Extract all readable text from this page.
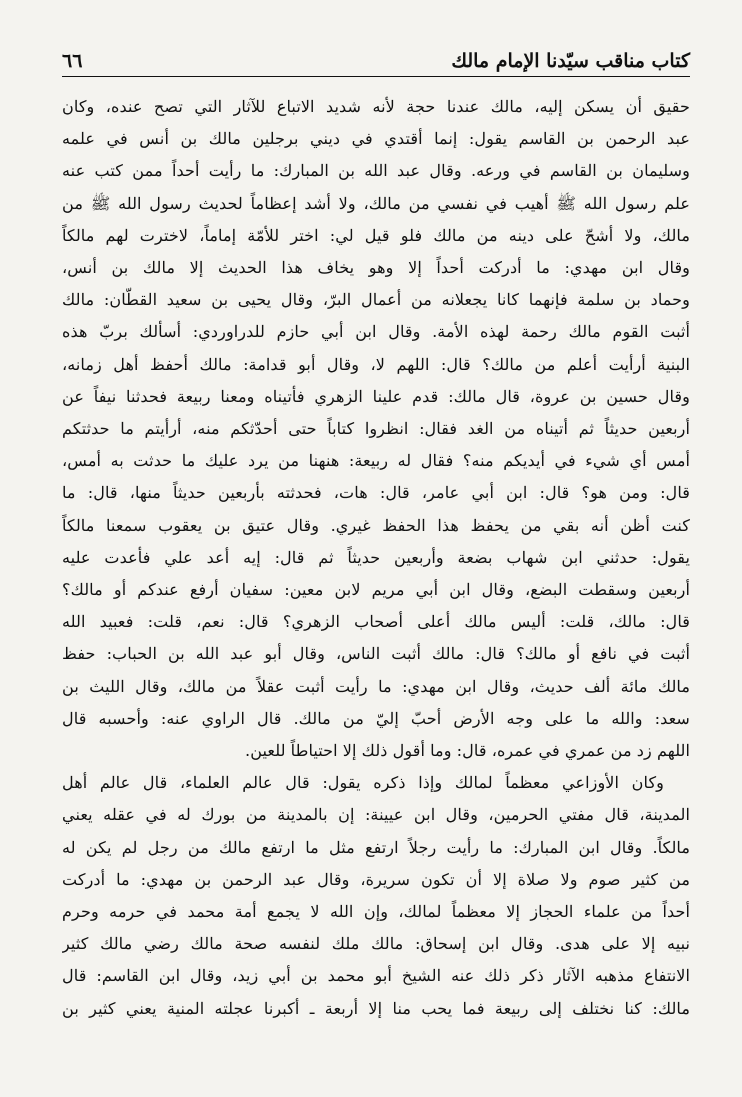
كتاب مناقب سيّدنا الإمام مالك
٦٦

حقيق أن يسكن إليه، مالك عندنا حجة لأنه شديد الاتباع للآثار التي تصح عنده، وكان

عبد الرحمن بن القاسم يقول: إنما أقتدي في ديني برجلين مالك بن أنس في علمه

وسليمان بن القاسم في ورعه. وقال عبد الله بن المبارك: ما رأيت أحداً ممن كتب عنه

علم رسول الله ﷺ أهيب في نفسي من مالك، ولا أشد إعظاماً لحديث رسول الله ﷺ من

مالك، ولا أشحّ على دينه من مالك فلو قيل لي: اختر للأمّة إماماً، لاخترت لهم مالكاً

وقال ابن مهدي: ما أدركت أحداً إلا وهو يخاف هذا الحديث إلا مالك بن أنس،

وحماد بن سلمة فإنهما كانا يجعلانه من أعمال البرّ، وقال يحيى بن سعيد القطّان: مالك

أثبت القوم مالك رحمة لهذه الأمة. وقال ابن أبي حازم للدراوردي: أسألك بربّ هذه

البنية أرأيت أعلم من مالك؟ قال: اللهم لا، وقال أبو قدامة: مالك أحفظ أهل زمانه،

وقال حسين بن عروة، قال مالك: قدم علينا الزهري فأتيناه ومعنا ربيعة فحدثنا نيفاً عن

أربعين حديثاً ثم أتيناه من الغد فقال: انظروا كتاباً حتى أحدّثكم منه، أرأيتم ما حدثتكم

أمس أي شيء في أيديكم منه؟ فقال له ربيعة: هنهنا من يرد عليك ما حدثت به أمس،

قال: ومن هو؟ قال: ابن أبي عامر، قال: هات، فحدثته بأربعين حديثاً منها، قال: ما

كنت أظن أنه بقي من يحفظ هذا الحفظ غيري. وقال عتيق بن يعقوب سمعنا مالكاً

يقول: حدثني ابن شهاب بضعة وأربعين حديثاً ثم قال: إيه أعد علي فأعدت عليه

أربعين وسقطت البضع، وقال ابن أبي مريم لابن معين: سفيان أرفع عندكم أو مالك؟

قال: مالك، قلت: أليس مالك أعلى أصحاب الزهري؟ قال: نعم، قلت: فعبيد الله

أثبت في نافع أو مالك؟ قال: مالك أثبت الناس، وقال أبو عبد الله بن الحباب: حفظ

مالك مائة ألف حديث، وقال ابن مهدي: ما رأيت أثبت عقلاً من مالك، وقال الليث بن

سعد: والله ما على وجه الأرض أحبّ إليّ من مالك. قال الراوي عنه: وأحسبه قال

اللهم زد من عمري في عمره، قال: وما أقول ذلك إلا احتياطاً للعين.

وكان الأوزاعي معظماً لمالك وإذا ذكره يقول: قال عالم العلماء، قال عالم أهل

المدينة، قال مفتي الحرمين، وقال ابن عيينة: إن بالمدينة من بورك له في عقله يعني

مالكاً. وقال ابن المبارك: ما رأيت رجلاً ارتفع مثل ما ارتفع مالك من رجل لم يكن له

من كثير صوم ولا صلاة إلا أن تكون سريرة، وقال عبد الرحمن بن مهدي: ما أدركت

أحداً من علماء الحجاز إلا معظماً لمالك، وإن الله لا يجمع أمة محمد في حرمه وحرم

نبيه إلا على هدى. وقال ابن إسحاق: مالك ملك لنفسه صحة مالك رضي مالك كثير

الانتفاع مذهبه الآثار ذكر ذلك عنه الشيخ أبو محمد بن أبي زيد، وقال ابن القاسم: قال

مالك: كنا نختلف إلى ربيعة فما يحب منا إلا أربعة ـ أكبرنا عجلته المنية يعني كثير بن
